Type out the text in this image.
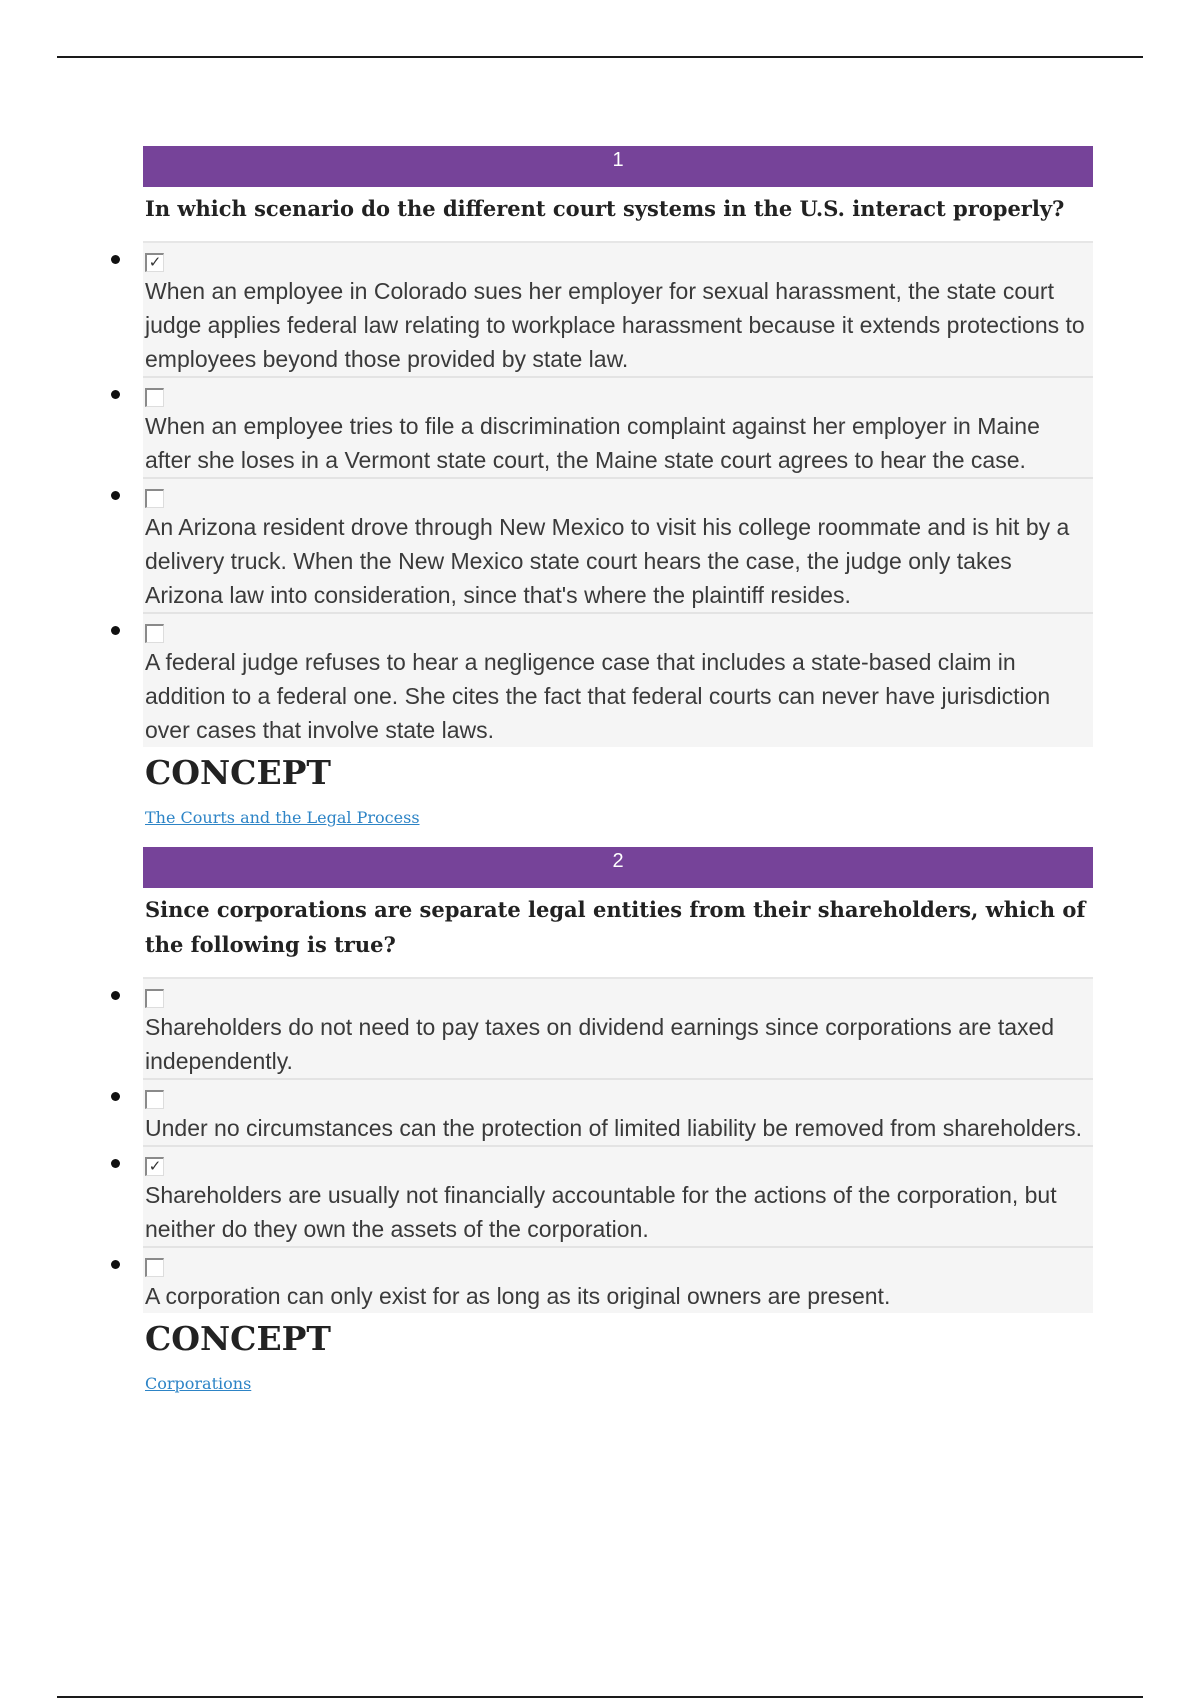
1
In which scenario do the different court systems in the U.S. interact properly?
✓
When an employee in Colorado sues her employer for sexual harassment, the state court judge applies federal law relating to workplace harassment because it extends protections to employees beyond those provided by state law.
When an employee tries to file a discrimination complaint against her employer in Maine after she loses in a Vermont state court, the Maine state court agrees to hear the case.
An Arizona resident drove through New Mexico to visit his college roommate and is hit by a delivery truck. When the New Mexico state court hears the case, the judge only takes Arizona law into consideration, since that's where the plaintiff resides.
A federal judge refuses to hear a negligence case that includes a state-based claim in addition to a federal one. She cites the fact that federal courts can never have jurisdiction over cases that involve state laws.
CONCEPT
The Courts and the Legal Process
2
Since corporations are separate legal entities from their shareholders, which of the following is true?
Shareholders do not need to pay taxes on dividend earnings since corporations are taxed independently.
Under no circumstances can the protection of limited liability be removed from shareholders.
✓
Shareholders are usually not financially accountable for the actions of the corporation, but neither do they own the assets of the corporation.
A corporation can only exist for as long as its original owners are present.
CONCEPT
Corporations
